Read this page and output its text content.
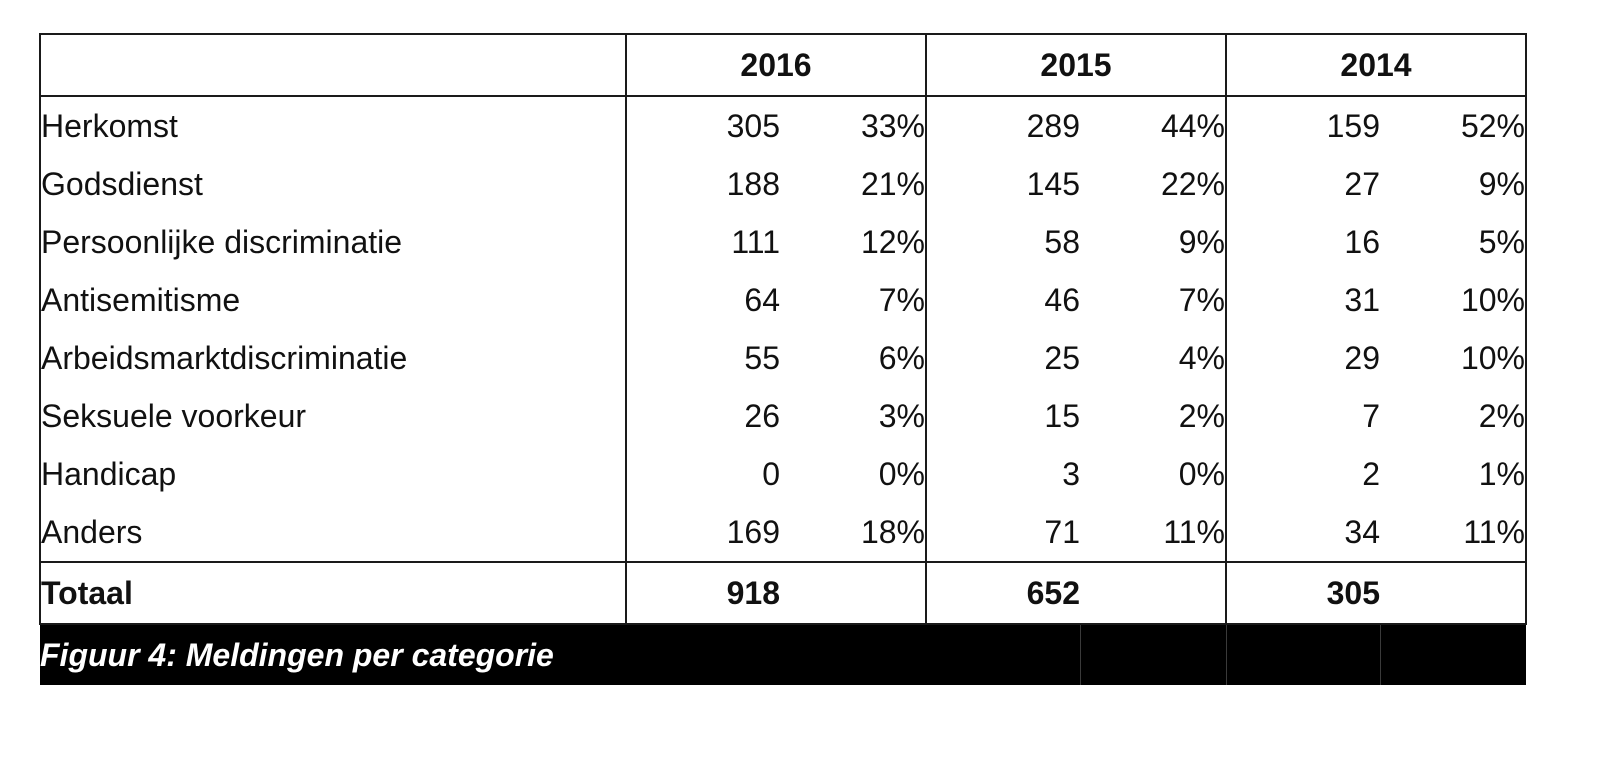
	2016		2015		2014	
Herkomst	305	33%	289	44%	159	52%
Godsdienst	188	21%	145	22%	27	9%
Persoonlijke discriminatie	111	12%	58	9%	16	5%
Antisemitisme	64	7%	46	7%	31	10%
Arbeidsmarktdiscriminatie	55	6%	25	4%	29	10%
Seksuele voorkeur	26	3%	15	2%	7	2%
Handicap	0	0%	3	0%	2	1%
Anders	169	18%	71	11%	34	11%
Totaal	918		652		305	
Figuur 4: Meldingen per categorie						
